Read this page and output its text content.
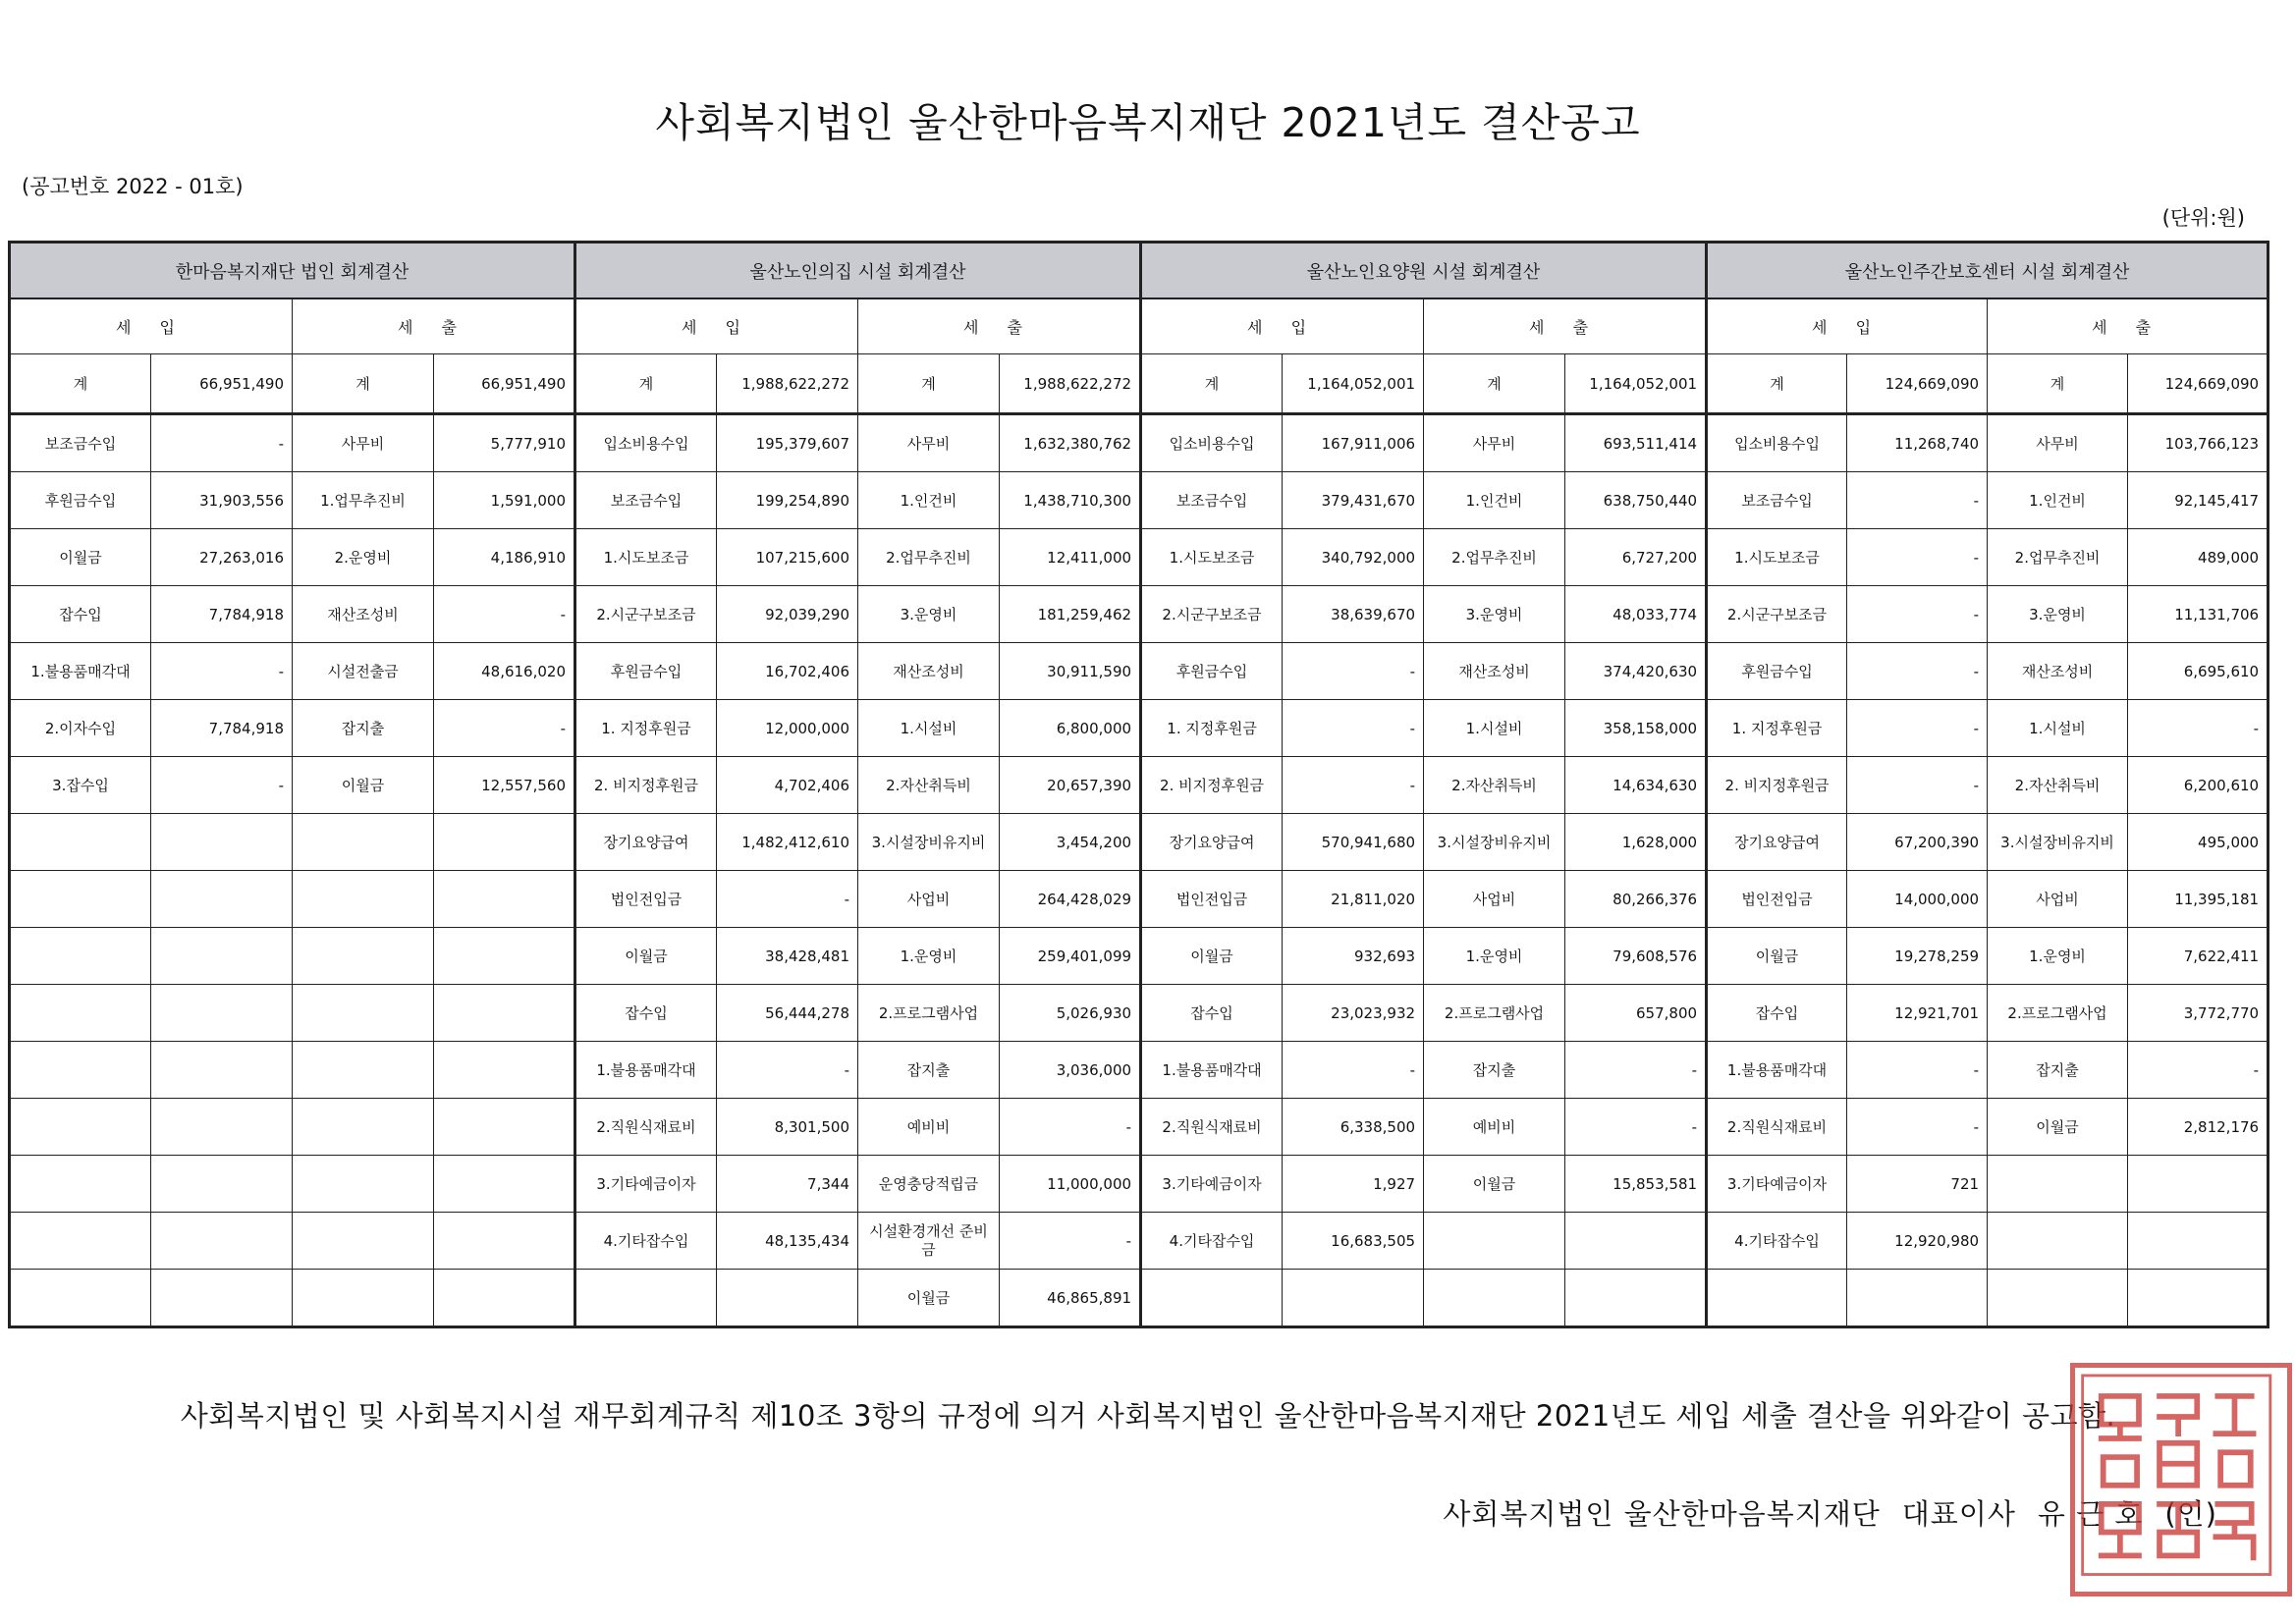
사회복지법인 울산한마음복지재단 2021년도 결산공고
(공고번호 2022 - 01호)
(단위:원)
한마음복지재단 법인 회계결산				울산노인의집 시설 회계결산				울산노인요양원 시설 회계결산				울산노인주간보호센터 시설 회계결산			
세 입		세 출		세 입		세 출		세 입		세 출		세 입		세 출	
계	66,951,490	계	66,951,490	계	1,988,622,272	계	1,988,622,272	계	1,164,052,001	계	1,164,052,001	계	124,669,090	계	124,669,090
보조금수입	-	사무비	5,777,910	입소비용수입	195,379,607	사무비	1,632,380,762	입소비용수입	167,911,006	사무비	693,511,414	입소비용수입	11,268,740	사무비	103,766,123
후원금수입	31,903,556	1.업무추진비	1,591,000	보조금수입	199,254,890	1.인건비	1,438,710,300	보조금수입	379,431,670	1.인건비	638,750,440	보조금수입	-	1.인건비	92,145,417
이월금	27,263,016	2.운영비	4,186,910	1.시도보조금	107,215,600	2.업무추진비	12,411,000	1.시도보조금	340,792,000	2.업무추진비	6,727,200	1.시도보조금	-	2.업무추진비	489,000
잡수입	7,784,918	재산조성비	-	2.시군구보조금	92,039,290	3.운영비	181,259,462	2.시군구보조금	38,639,670	3.운영비	48,033,774	2.시군구보조금	-	3.운영비	11,131,706
1.불용품매각대	-	시설전출금	48,616,020	후원금수입	16,702,406	재산조성비	30,911,590	후원금수입	-	재산조성비	374,420,630	후원금수입	-	재산조성비	6,695,610
2.이자수입	7,784,918	잡지출	-	1. 지정후원금	12,000,000	1.시설비	6,800,000	1. 지정후원금	-	1.시설비	358,158,000	1. 지정후원금	-	1.시설비	-
3.잡수입	-	이월금	12,557,560	2. 비지정후원금	4,702,406	2.자산취득비	20,657,390	2. 비지정후원금	-	2.자산취득비	14,634,630	2. 비지정후원금	-	2.자산취득비	6,200,610
				장기요양급여	1,482,412,610	3.시설장비유지비	3,454,200	장기요양급여	570,941,680	3.시설장비유지비	1,628,000	장기요양급여	67,200,390	3.시설장비유지비	495,000
				법인전입금	-	사업비	264,428,029	법인전입금	21,811,020	사업비	80,266,376	법인전입금	14,000,000	사업비	11,395,181
				이월금	38,428,481	1.운영비	259,401,099	이월금	932,693	1.운영비	79,608,576	이월금	19,278,259	1.운영비	7,622,411
				잡수입	56,444,278	2.프로그램사업	5,026,930	잡수입	23,023,932	2.프로그램사업	657,800	잡수입	12,921,701	2.프로그램사업	3,772,770
				1.불용품매각대	-	잡지출	3,036,000	1.불용품매각대	-	잡지출	-	1.불용품매각대	-	잡지출	-
				2.직원식재료비	8,301,500	예비비	-	2.직원식재료비	6,338,500	예비비	-	2.직원식재료비	-	이월금	2,812,176
				3.기타예금이자	7,344	운영충당적립금	11,000,000	3.기타예금이자	1,927	이월금	15,853,581	3.기타예금이자	721		
				4.기타잡수입	48,135,434	시설환경개선 준비금	-	4.기타잡수입	16,683,505			4.기타잡수입	12,920,980		
						이월금	46,865,891								
사회복지법인 및 사회복지시설 재무회계규칙 제10조 3항의 규정에 의거 사회복지법인 울산한마음복지재단 2021년도 세입 세출 결산을 위와같이 공고함.
사회복지법인 울산한마음복지재단 대표이사 유 근 호 (인)
